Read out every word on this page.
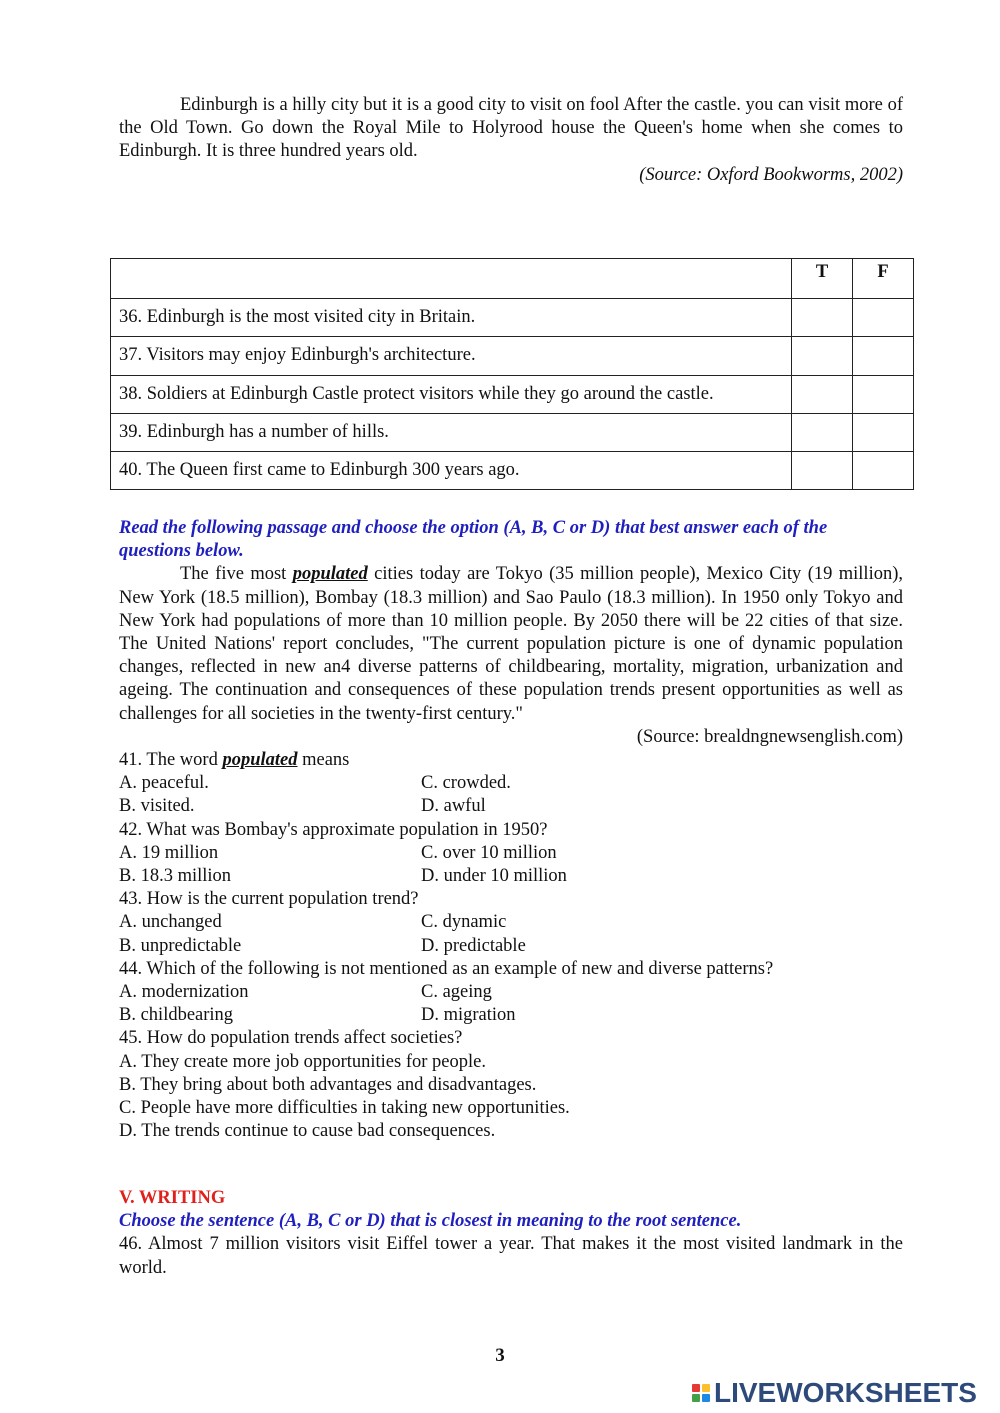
Edinburgh is a hilly city but it is a good city to visit on fool After the castle. you can visit more of the Old Town. Go down the Royal Mile to Holyrood house the Queen's home when she comes to Edinburgh. It is three hundred years old.

(Source: Oxford Bookworms, 2002)

	T	F
36. Edinburgh is the most visited city in Britain.		
37. Visitors may enjoy Edinburgh's architecture.		
38. Soldiers at Edinburgh Castle protect visitors while they go around the castle.		
39. Edinburgh has a number of hills.		
40. The Queen first came to Edinburgh 300 years ago.		

Read the following passage and choose the option (A, B, C or D) that best answer each of the questions below.

The five most populated cities today are Tokyo (35 million people), Mexico City (19 million), New York (18.5 million), Bombay (18.3 million) and Sao Paulo (18.3 million). In 1950 only Tokyo and New York had populations of more than 10 million people. By 2050 there will be 22 cities of that size. The United Nations' report concludes, "The current population picture is one of dynamic population changes, reflected in new an4 diverse patterns of childbearing, mortality, migration, urbanization and ageing. The continuation and consequences of these population trends present opportunities as well as challenges for all societies in the twenty-first century."

(Source: brealdngnewsenglish.com)

41. The word populated means

A. peaceful.	C. crowded.
B. visited.	D. awful

42. What was Bombay's approximate population in 1950?

A. 19 million	C. over 10 million
B. 18.3 million	D. under 10 million

43. How is the current population trend?

A. unchanged	C. dynamic
B. unpredictable	D. predictable

44. Which of the following is not mentioned as an example of new and diverse patterns?

A. modernization	C. ageing
B. childbearing	D. migration

45. How do population trends affect societies?

A. They create more job opportunities for people.

B. They bring about both advantages and disadvantages.

C. People have more difficulties in taking new opportunities.

D. The trends continue to cause bad consequences.

V. WRITING

Choose the sentence (A, B, C or D) that is closest in meaning to the root sentence.

46. Almost 7 million visitors visit Eiffel tower a year. That makes it the most visited landmark in the world.

3
LIVEWORKSHEETS
